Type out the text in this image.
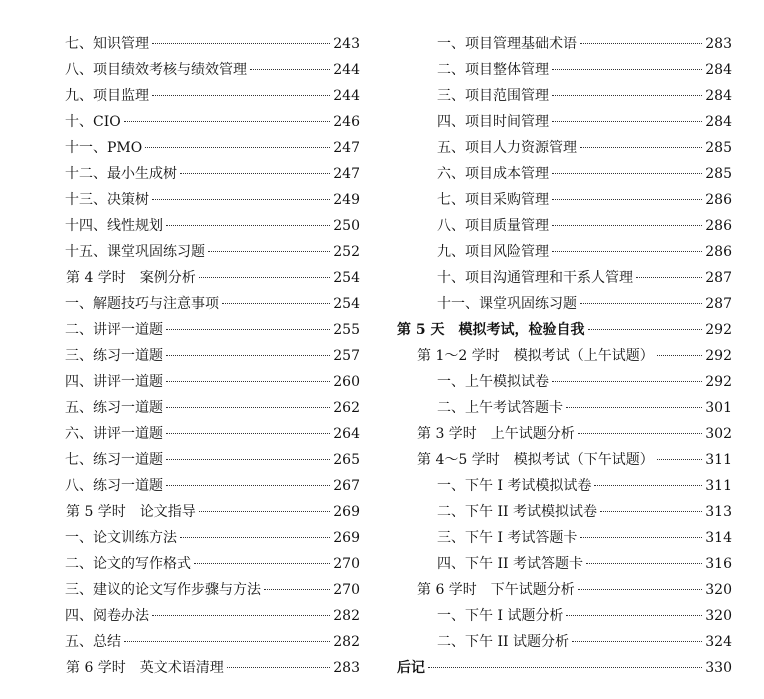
七、知识管理	243
八、项目绩效考核与绩效管理	244
九、项目监理	244
十、CIO	246
十一、PMO	247
十二、最小生成树	247
十三、决策树	249
十四、线性规划	250
十五、课堂巩固练习题	252
第 4 学时　案例分析	254
一、解题技巧与注意事项	254
二、讲评一道题	255
三、练习一道题	257
四、讲评一道题	260
五、练习一道题	262
六、讲评一道题	264
七、练习一道题	265
八、练习一道题	267
第 5 学时　论文指导	269
一、论文训练方法	269
二、论文的写作格式	270
三、建议的论文写作步骤与方法	270
四、阅卷办法	282
五、总结	282
第 6 学时　英文术语清理	283
一、项目管理基础术语	283
二、项目整体管理	284
三、项目范围管理	284
四、项目时间管理	284
五、项目人力资源管理	285
六、项目成本管理	285
七、项目采购管理	286
八、项目质量管理	286
九、项目风险管理	286
十、项目沟通管理和干系人管理	287
十一、课堂巩固练习题	287
第 5 天　模拟考试，检验自我	292
第 1～2 学时　模拟考试（上午试题）	292
一、上午模拟试卷	292
二、上午考试答题卡	301
第 3 学时　上午试题分析	302
第 4～5 学时　模拟考试（下午试题）	311
一、下午 I 考试模拟试卷	311
二、下午 II 考试模拟试卷	313
三、下午 I 考试答题卡	314
四、下午 II 考试答题卡	316
第 6 学时　下午试题分析	320
一、下午 I 试题分析	320
二、下午 II 试题分析	324
后记	330
